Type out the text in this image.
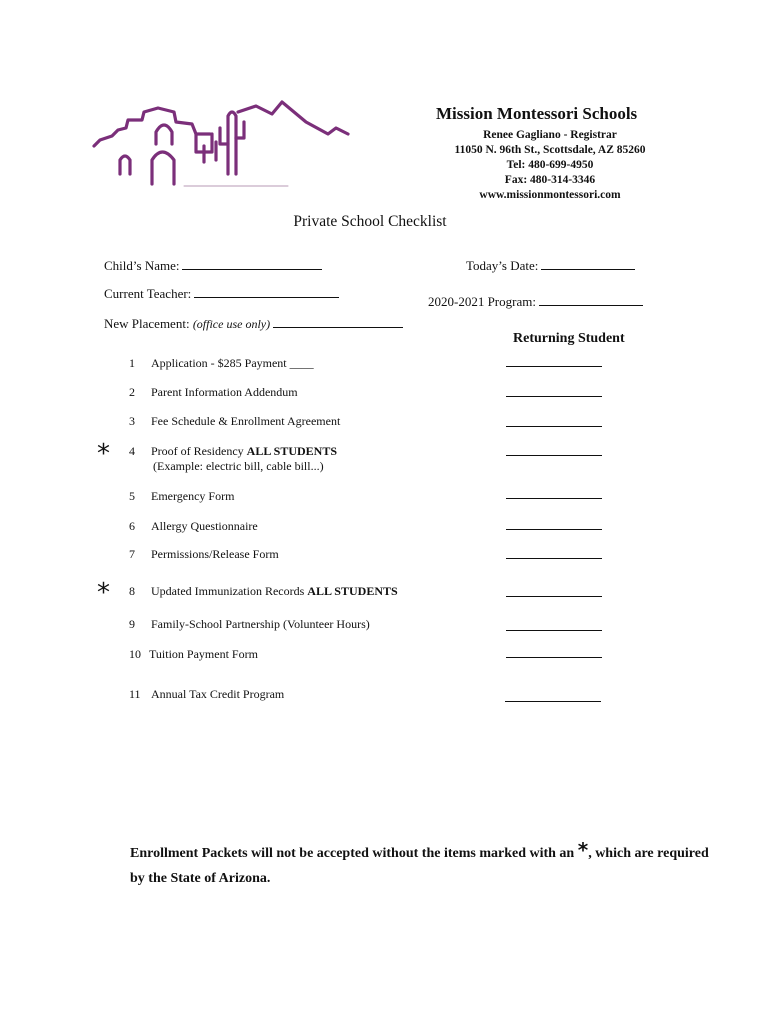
Mission Montessori Schools
Renee Gagliano - Registrar
11050 N. 96th St., Scottsdale, AZ 85260
Tel: 480-699-4950
Fax: 480-314-3346
www.missionmontessori.com
Private School Checklist
Child’s Name:	Today’s Date:
Current Teacher:
2020-2021 Program:
New Placement: (office use only)
Returning Student
1 Application - $285 Payment ____
2 Parent Information Addendum
3 Fee Schedule & Enrollment Agreement
* 4 Proof of Residency ALL STUDENTS
(Example: electric bill, cable bill...)
5 Emergency Form
6 Allergy Questionnaire
7 Permissions/Release Form
* 8 Updated Immunization Records ALL STUDENTS
9 Family-School Partnership (Volunteer Hours)
10 Tuition Payment Form
11 Annual Tax Credit Program
Enrollment Packets will not be accepted without the items marked with an *, which are required by the State of Arizona.
